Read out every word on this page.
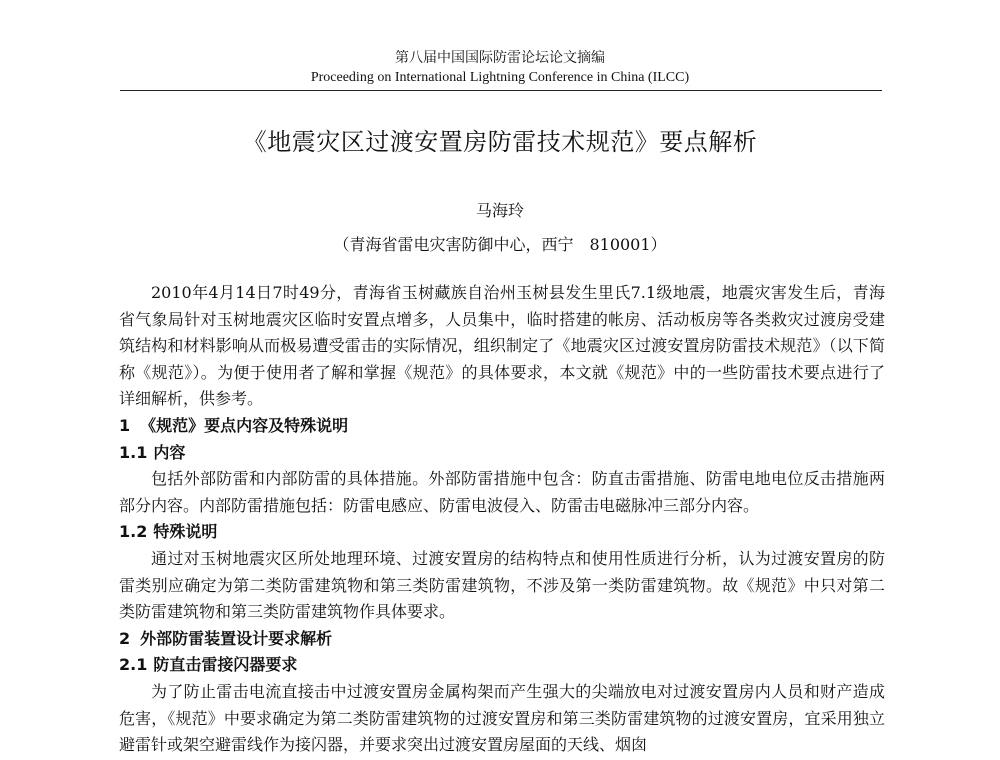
第八届中国国际防雷论坛论文摘编
Proceeding on International Lightning Conference in China (ILCC)
《地震灾区过渡安置房防雷技术规范》要点解析
马海玲
（青海省雷电灾害防御中心，西宁　810001）

2010年4月14日7时49分，青海省玉树藏族自治州玉树县发生里氏7.1级地震，地震灾害发生后，青海省气象局针对玉树地震灾区临时安置点增多，人员集中，临时搭建的帐房、活动板房等各类救灾过渡房受建筑结构和材料影响从而极易遭受雷击的实际情况，组织制定了《地震灾区过渡安置房防雷技术规范》（以下简称《规范》）。为便于使用者了解和掌握《规范》的具体要求，本文就《规范》中的一些防雷技术要点进行了详细解析，供参考。

1 《规范》要点内容及特殊说明
1.1 内容

包括外部防雷和内部防雷的具体措施。外部防雷措施中包含：防直击雷措施、防雷电地电位反击措施两部分内容。内部防雷措施包括：防雷电感应、防雷电波侵入、防雷击电磁脉冲三部分内容。

1.2 特殊说明

通过对玉树地震灾区所处地理环境、过渡安置房的结构特点和使用性质进行分析，认为过渡安置房的防雷类别应确定为第二类防雷建筑物和第三类防雷建筑物，不涉及第一类防雷建筑物。故《规范》中只对第二类防雷建筑物和第三类防雷建筑物作具体要求。

2 外部防雷装置设计要求解析
2.1 防直击雷接闪器要求

为了防止雷击电流直接击中过渡安置房金属构架而产生强大的尖端放电对过渡安置房内人员和财产造成危害，《规范》中要求确定为第二类防雷建筑物的过渡安置房和第三类防雷建筑物的过渡安置房，宜采用独立避雷针或架空避雷线作为接闪器，并要求突出过渡安置房屋面的天线、烟囱
